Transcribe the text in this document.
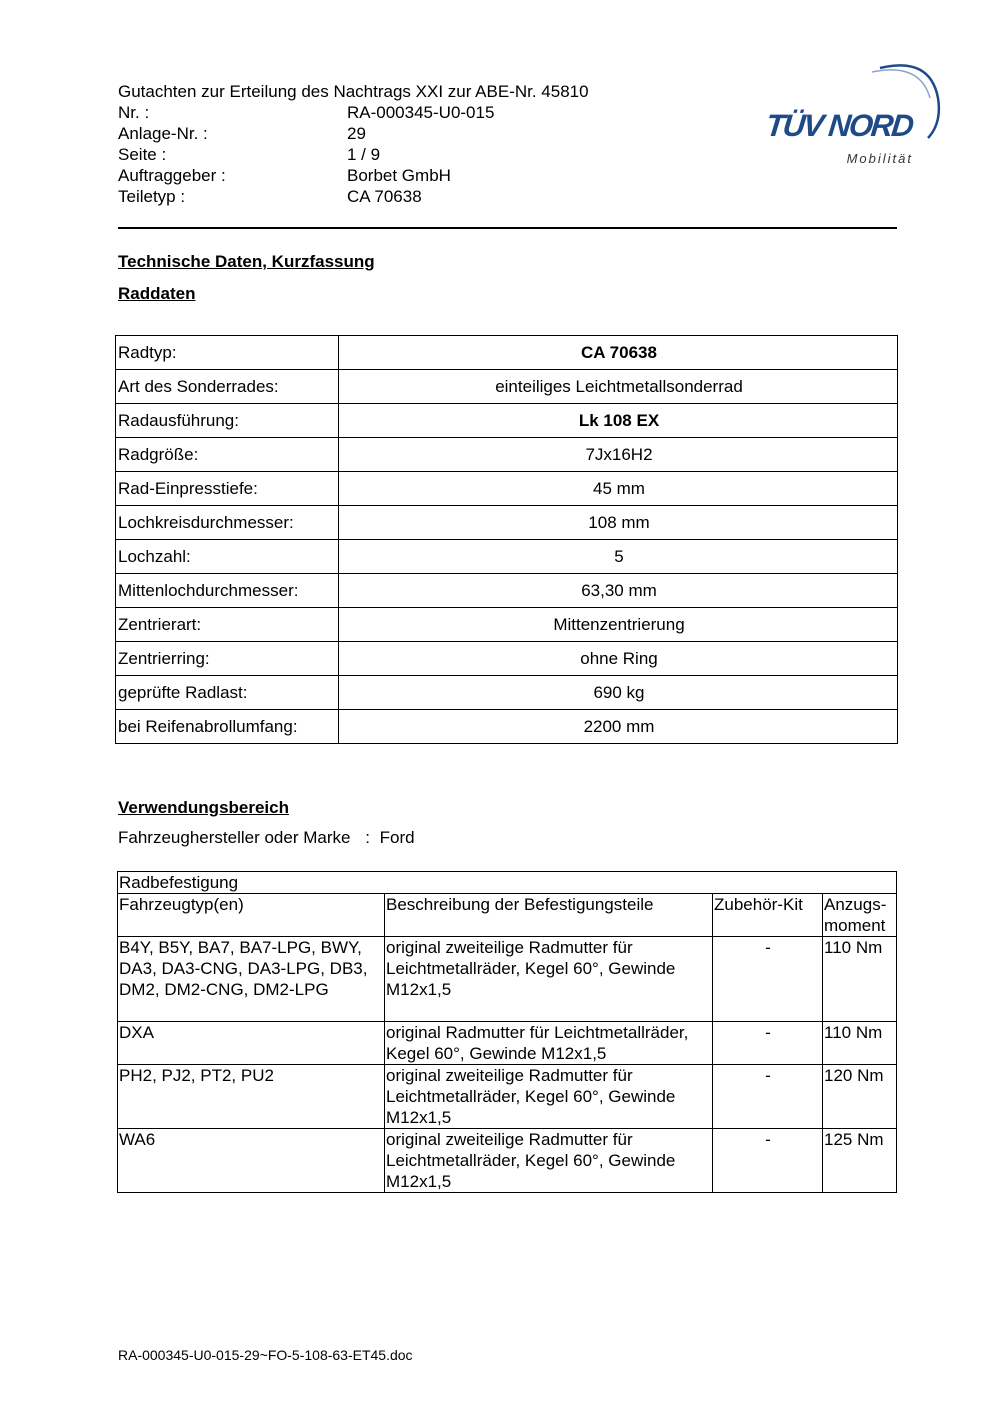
Gutachten zur Erteilung des Nachtrags XXI zur ABE-Nr. 45810
Nr. :	RA-000345-U0-015
Anlage-Nr. :	29
Seite :	1 / 9
Auftraggeber :	Borbet GmbH
Teiletyp :	CA 70638
TÜV NORD
Mobilität
Technische Daten, Kurzfassung
Raddaten
Radtyp:	CA 70638
Art des Sonderrades:	einteiliges Leichtmetallsonderrad
Radausführung:	Lk 108 EX
Radgröße:	7Jx16H2
Rad-Einpresstiefe:	45 mm
Lochkreisdurchmesser:	108 mm
Lochzahl:	5
Mittenlochdurchmesser:	63,30 mm
Zentrierart:	Mittenzentrierung
Zentrierring:	ohne Ring
geprüfte Radlast:	690 kg
bei Reifenabrollumfang:	2200 mm
Verwendungsbereich
Fahrzeughersteller oder Marke : Ford
Radbefestigung			
Fahrzeugtyp(en)	Beschreibung der Befestigungsteile	Zubehör-Kit	Anzugs-
moment
B4Y, B5Y, BA7, BA7-LPG, BWY, DA3, DA3-CNG, DA3-LPG, DB3, DM2, DM2-CNG, DM2-LPG	original zweiteilige Radmutter für Leichtmetallräder, Kegel 60°, Gewinde M12x1,5	-	110 Nm
DXA	original Radmutter für Leichtmetallräder, Kegel 60°, Gewinde M12x1,5	-	110 Nm
PH2, PJ2, PT2, PU2	original zweiteilige Radmutter für Leichtmetallräder, Kegel 60°, Gewinde M12x1,5	-	120 Nm
WA6	original zweiteilige Radmutter für Leichtmetallräder, Kegel 60°, Gewinde M12x1,5	-	125 Nm
RA-000345-U0-015-29~FO-5-108-63-ET45.doc
